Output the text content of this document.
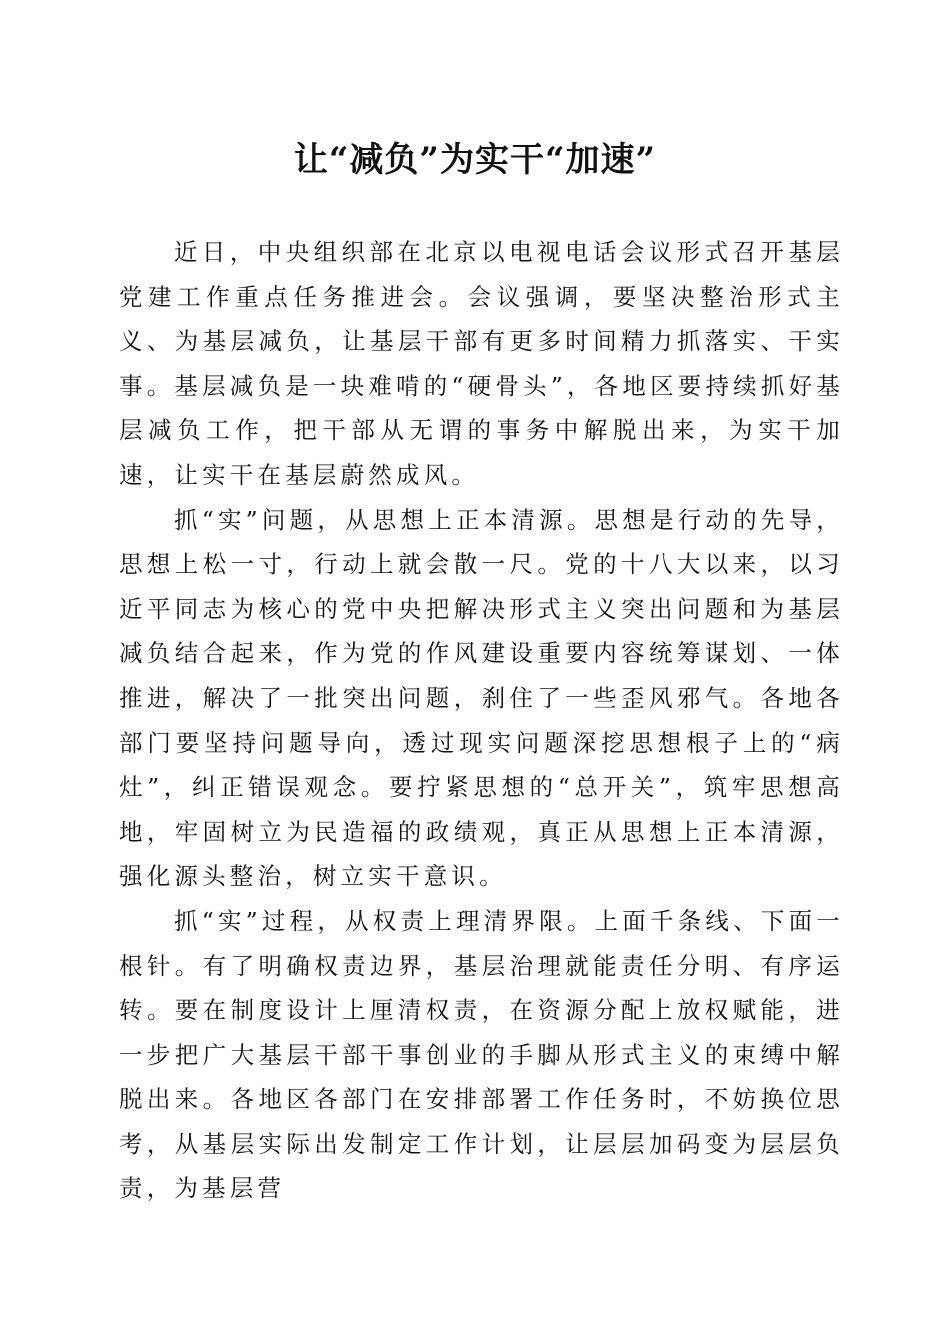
让“减负”为实干“加速”

近日，中央组织部在北京以电视电话会议形式召开基层党建工作重点任务推进会。会议强调，要坚决整治形式主义、为基层减负，让基层干部有更多时间精力抓落实、干实事。基层减负是一块难啃的“硬骨头”，各地区要持续抓好基层减负工作，把干部从无谓的事务中解脱出来，为实干加速，让实干在基层蔚然成风。

抓“实”问题，从思想上正本清源。思想是行动的先导，思想上松一寸，行动上就会散一尺。党的十八大以来，以习近平同志为核心的党中央把解决形式主义突出问题和为基层减负结合起来，作为党的作风建设重要内容统筹谋划、一体推进，解决了一批突出问题，刹住了一些歪风邪气。各地各部门要坚持问题导向，透过现实问题深挖思想根子上的“病灶”，纠正错误观念。要拧紧思想的“总开关”，筑牢思想高地，牢固树立为民造福的政绩观，真正从思想上正本清源，强化源头整治，树立实干意识。

抓“实”过程，从权责上理清界限。上面千条线、下面一根针。有了明确权责边界，基层治理就能责任分明、有序运转。要在制度设计上厘清权责，在资源分配上放权赋能，进一步把广大基层干部干事创业的手脚从形式主义的束缚中解脱出来。各地区各部门在安排部署工作任务时，不妨换位思考，从基层实际出发制定工作计划，让层层加码变为层层负责，为基层营
